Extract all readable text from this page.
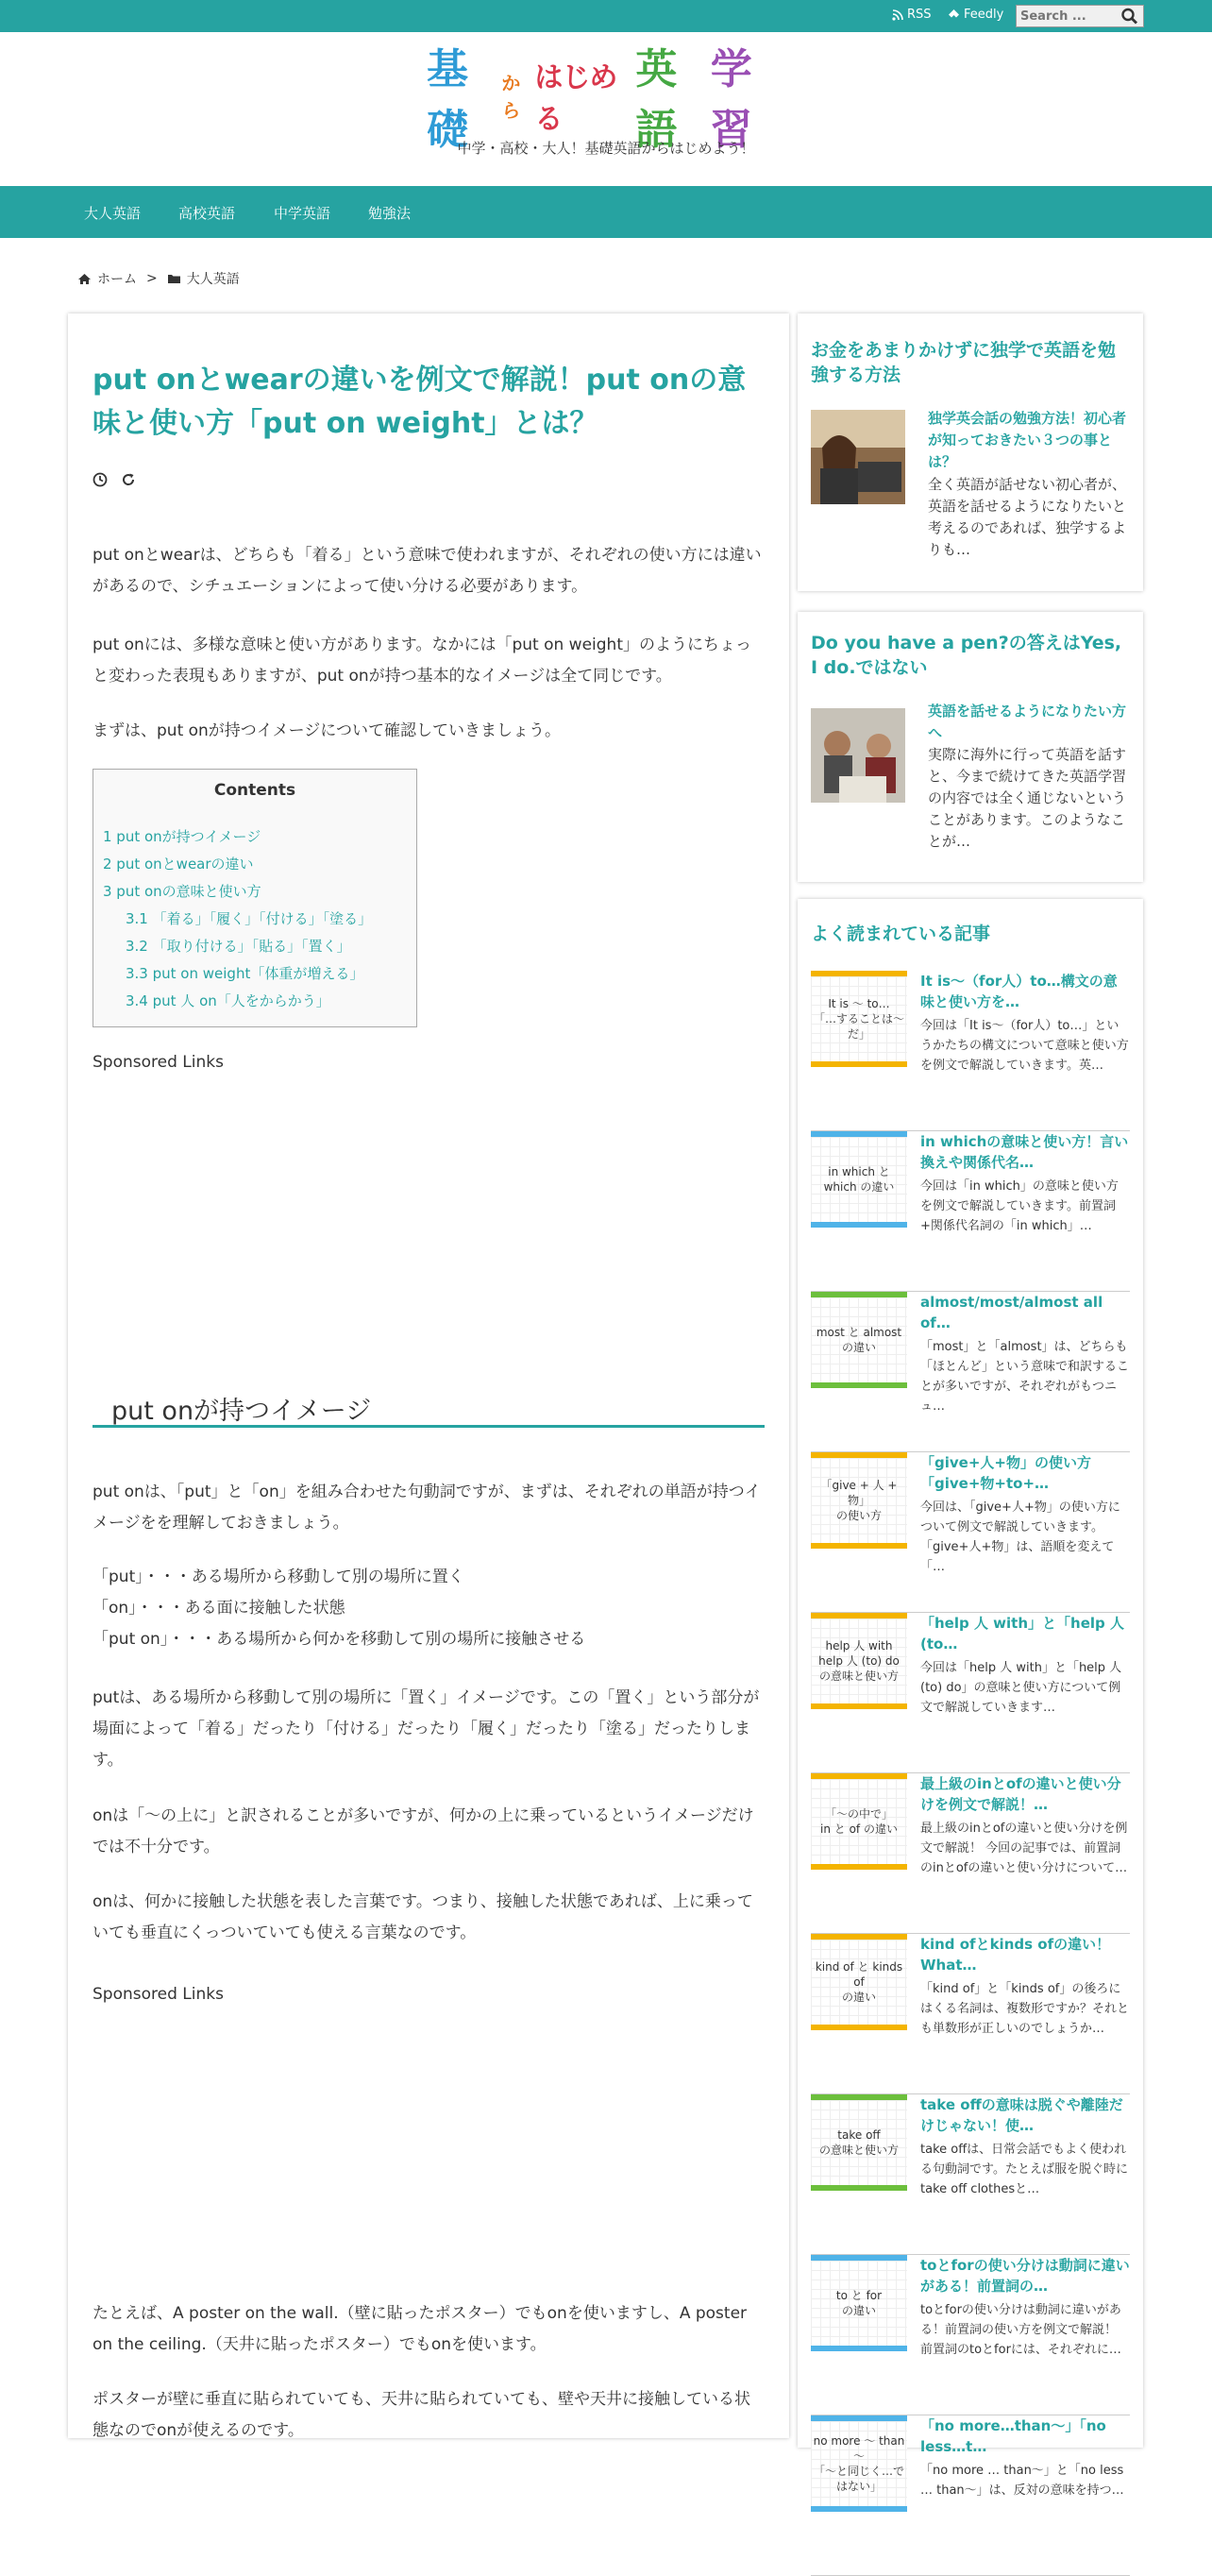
RSS	Feedly
Search ...
基礎
から
はじめる
英語
学習
中学・高校・大人！基礎英語からはじめよう！
大人英語	高校英語	中学英語	勉強法
ホーム > 大人英語
put onとwearの違いを例文で解説！put onの意味と使い方「put on weight」とは？

put onとwearは、どちらも「着る」という意味で使われますが、それぞれの使い方には違いがあるので、シチュエーションによって使い分ける必要があります。

put onには、多様な意味と使い方があります。なかには「put on weight」のようにちょっと変わった表現もありますが、put onが持つ基本的なイメージは全て同じです。

まずは、put onが持つイメージについて確認していきましょう。

Contents
1 put onが持つイメージ
2 put onとwearの違い
3 put onの意味と使い方
3.1 「着る」「履く」「付ける」「塗る」
3.2 「取り付ける」「貼る」「置く」
3.3 put on weight「体重が増える」
3.4 put 人 on「人をからかう」
Sponsored Links
put onが持つイメージ

put onは、「put」と「on」を組み合わせた句動詞ですが、まずは、それぞれの単語が持つイメージをを理解しておきましょう。

「put」・・・ある場所から移動して別の場所に置く

「on」・・・ある面に接触した状態

「put on」・・・ある場所から何かを移動して別の場所に接触させる

putは、ある場所から移動して別の場所に「置く」イメージです。この「置く」という部分が場面によって「着る」だったり「付ける」だったり「履く」だったり「塗る」だったりします。

onは「〜の上に」と訳されることが多いですが、何かの上に乗っているというイメージだけでは不十分です。

onは、何かに接触した状態を表した言葉です。つまり、接触した状態であれば、上に乗っていても垂直にくっついていても使える言葉なのです。

Sponsored Links

たとえば、A poster on the wall.（壁に貼ったポスター）でもonを使いますし、A poster on the ceiling.（天井に貼ったポスター）でもonを使います。

ポスターが壁に垂直に貼られていても、天井に貼られていても、壁や天井に接触している状態なのでonが使えるのです。

お金をあまりかけずに独学で英語を勉強する方法
独学英会話の勉強方法！初心者が知っておきたい３つの事とは？
全く英語が話せない初心者が、英語を話せるようになりたいと考えるのであれば、独学するよりも…
Do you have a pen?の答えはYes, I do.ではない
英語を話せるようになりたい方へ
実際に海外に行って英語を話すと、今まで続けてきた英語学習の内容では全く通じないということがあります。このようなことが…
よく読まれている記事
It is ～ to…
「…することは～だ」
It is～（for人）to…構文の意味と使い方を…
今回は「It is～（for人）to…」というかたちの構文について意味と使い方を例文で解説していきます。英…
in which と
which の違い
in whichの意味と使い方！言い換えや関係代名…
今回は「in which」の意味と使い方を例文で解説していきます。前置詞+関係代名詞の「in which」…
most と almost
の違い
almost/most/almost all of…
「most」と「almost」は、どちらも「ほとんど」という意味で和訳することが多いですが、それぞれがもつニュ…
「give + 人 + 物」
の使い方
「give+人+物」の使い方「give+物+to+…
今回は、「give+人+物」の使い方について例文で解説していきます。「give+人+物」は、語順を変えて「…
help 人 with
help 人 (to) do
の意味と使い方
「help 人 with」と「help 人 (to…
今回は「help 人 with」と「help 人 (to) do」の意味と使い方について例文で解説していきます…
「～の中で」
in と of の違い
最上級のinとofの違いと使い分けを例文で解説！…
最上級のinとofの違いと使い分けを例文で解説！ 今回の記事では、前置詞のinとofの違いと使い分けについて…
kind of と kinds of
の違い
kind ofとkinds ofの違い！What…
「kind of」と「kinds of」の後ろにはくる名詞は、複数形ですか？それとも単数形が正しいのでしょうか…
take off
の意味と使い方
take offの意味は脱ぐや離陸だけじゃない！使…
take offは、日常会話でもよく使われる句動詞です。たとえば服を脱ぐ時にtake off clothesと…
to と for
の違い
toとforの使い分けは動詞に違いがある！前置詞の…
toとforの使い分けは動詞に違いがある！前置詞の使い方を例文で解説！ 前置詞のtoとforには、それぞれに…
no more ～ than～
「～と同じく…ではない」
「no more…than～」「no less…t…
「no more … than～」と「no less … than～」は、反対の意味を持つ…
